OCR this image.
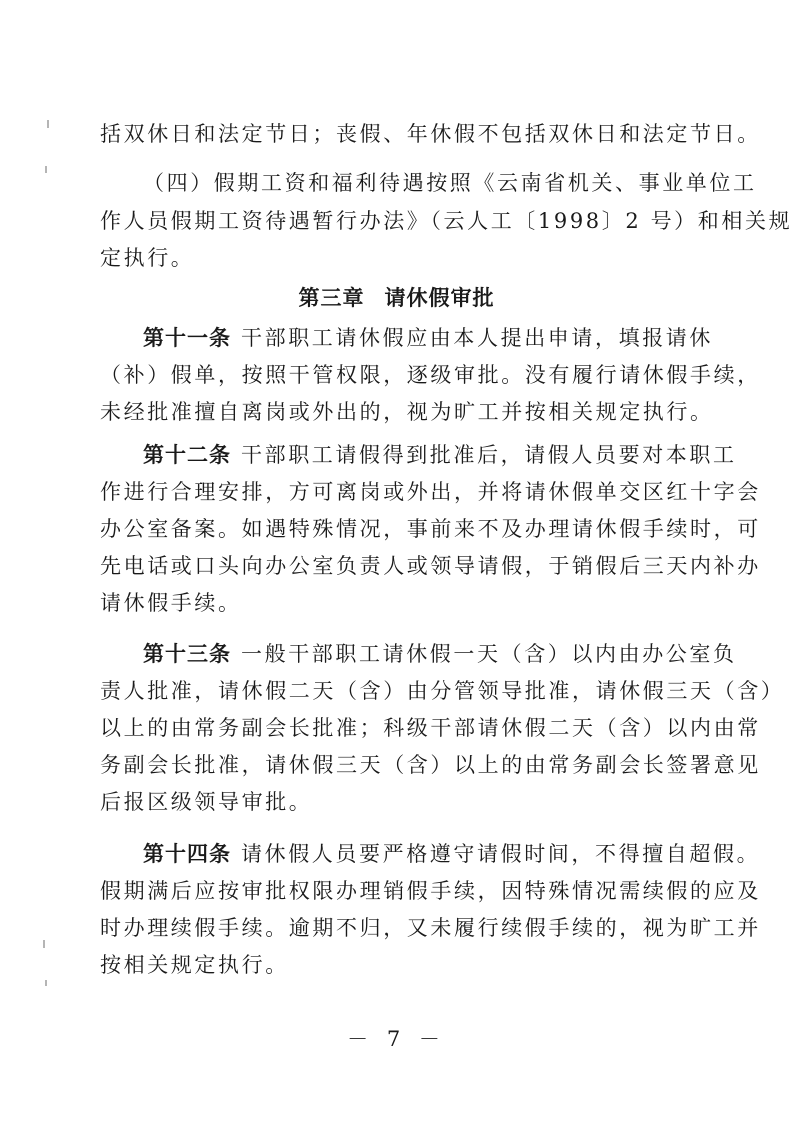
括双休日和法定节日；丧假、年休假不包括双休日和法定节日。
（四）假期工资和福利待遇按照《云南省机关、事业单位工
作人员假期工资待遇暂行办法》（云人工〔1998〕2 号）和相关规
定执行。
第三章 请休假审批
第十一条 干部职工请休假应由本人提出申请，填报请休
（补）假单，按照干管权限，逐级审批。没有履行请休假手续，
未经批准擅自离岗或外出的，视为旷工并按相关规定执行。
第十二条 干部职工请假得到批准后，请假人员要对本职工
作进行合理安排，方可离岗或外出，并将请休假单交区红十字会
办公室备案。如遇特殊情况，事前来不及办理请休假手续时，可
先电话或口头向办公室负责人或领导请假，于销假后三天内补办
请休假手续。
第十三条 一般干部职工请休假一天（含）以内由办公室负
责人批准，请休假二天（含）由分管领导批准，请休假三天（含）
以上的由常务副会长批准；科级干部请休假二天（含）以内由常
务副会长批准，请休假三天（含）以上的由常务副会长签署意见
后报区级领导审批。
第十四条 请休假人员要严格遵守请假时间，不得擅自超假。
假期满后应按审批权限办理销假手续，因特殊情况需续假的应及
时办理续假手续。逾期不归，又未履行续假手续的，视为旷工并
按相关规定执行。
－ 7 －
